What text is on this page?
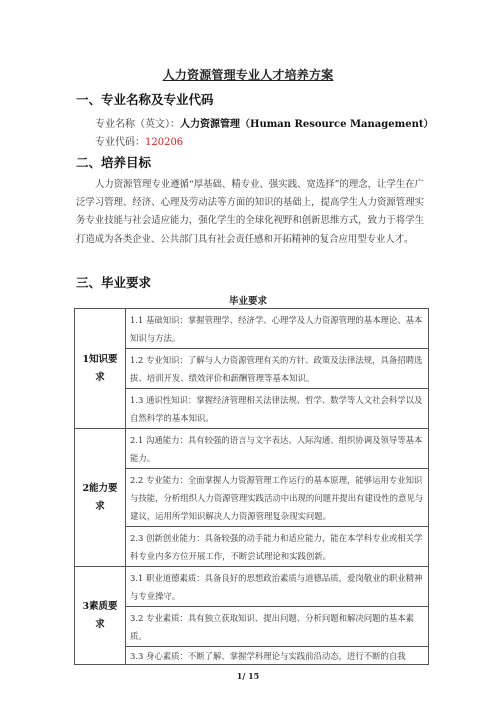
人力资源管理专业人才培养方案
一、专业名称及专业代码
专业名称（英文）：人力资源管理（Human Resource Management）
专业代码：120206
二、培养目标
人力资源管理专业遵循“厚基础、精专业、强实践、宽选择”的理念，让学生在广泛学习管理、经济、心理及劳动法等方面的知识的基础上，提高学生人力资源管理实务专业技能与社会适应能力，强化学生的全球化视野和创新思维方式，致力于将学生打造成为各类企业、公共部门具有社会责任感和开拓精神的复合应用型专业人才。
三、毕业要求
毕业要求
1知识要求	1.1 基础知识：掌握管理学、经济学、心理学及人力资源管理的基本理论、基本知识与方法。
	1.2 专业知识：了解与人力资源管理有关的方针、政策及法律法规，具备招聘选拔、培训开发、绩效评价和薪酬管理等基本知识。
	1.3 通识性知识：掌握经济管理相关法律法规、哲学、数学等人文社会科学以及自然科学的基本知识。
2能力要求	2.1 沟通能力：具有较强的语言与文字表达、人际沟通、组织协调及领导等基本能力。
	2.2 专业能力：全面掌握人力资源管理工作运行的基本原理，能够运用专业知识与技能，分析组织人力资源管理实践活动中出现的问题并提出有建设性的意见与建议，运用所学知识解决人力资源管理复杂现实问题。
	2.3 创新创业能力：具备较强的动手能力和适应能力，能在本学科专业或相关学科专业内多方位开展工作，不断尝试理论和实践创新。
3素质要求	3.1 职业道德素质：具备良好的思想政治素质与道德品质，爱岗敬业的职业精神与专业操守。
	3.2 专业素质：具有独立获取知识、提出问题、分析问题和解决问题的基本素质。
	3.3 身心素质：不断了解、掌握学科理论与实践前沿动态，进行不断的自我
1/ 15
